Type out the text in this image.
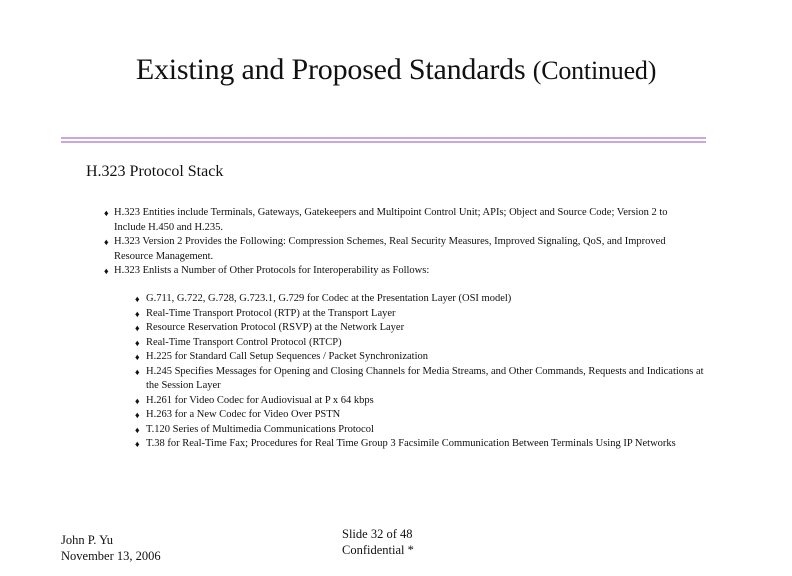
Existing and Proposed Standards (Continued)
H.323 Protocol Stack
♦ H.323 Entities include Terminals, Gateways, Gatekeepers and Multipoint Control Unit; APIs; Object and Source Code; Version 2 to Include H.450 and H.235.
♦ H.323 Version 2 Provides the Following: Compression Schemes, Real Security Measures, Improved Signaling, QoS, and Improved Resource Management.
♦ H.323 Enlists a Number of Other Protocols for Interoperability as Follows:
♦ G.711, G.722, G.728, G.723.1, G.729 for Codec at the Presentation Layer (OSI model)
♦ Real-Time Transport Protocol (RTP) at the Transport Layer
♦ Resource Reservation Protocol (RSVP) at the Network Layer
♦ Real-Time Transport Control Protocol (RTCP)
♦ H.225 for Standard Call Setup Sequences / Packet Synchronization
♦ H.245 Specifies Messages for Opening and Closing Channels for Media Streams, and Other Commands, Requests and Indications at the Session Layer
♦ H.261 for Video Codec for Audiovisual at P x 64 kbps
♦ H.263 for a New Codec for Video Over PSTN
♦ T.120 Series of Multimedia Communications Protocol
♦ T.38 for Real-Time Fax; Procedures for Real Time Group 3 Facsimile Communication Between Terminals Using IP Networks
John P. Yu
November 13, 2006
Slide 32 of 48
Confidential *
